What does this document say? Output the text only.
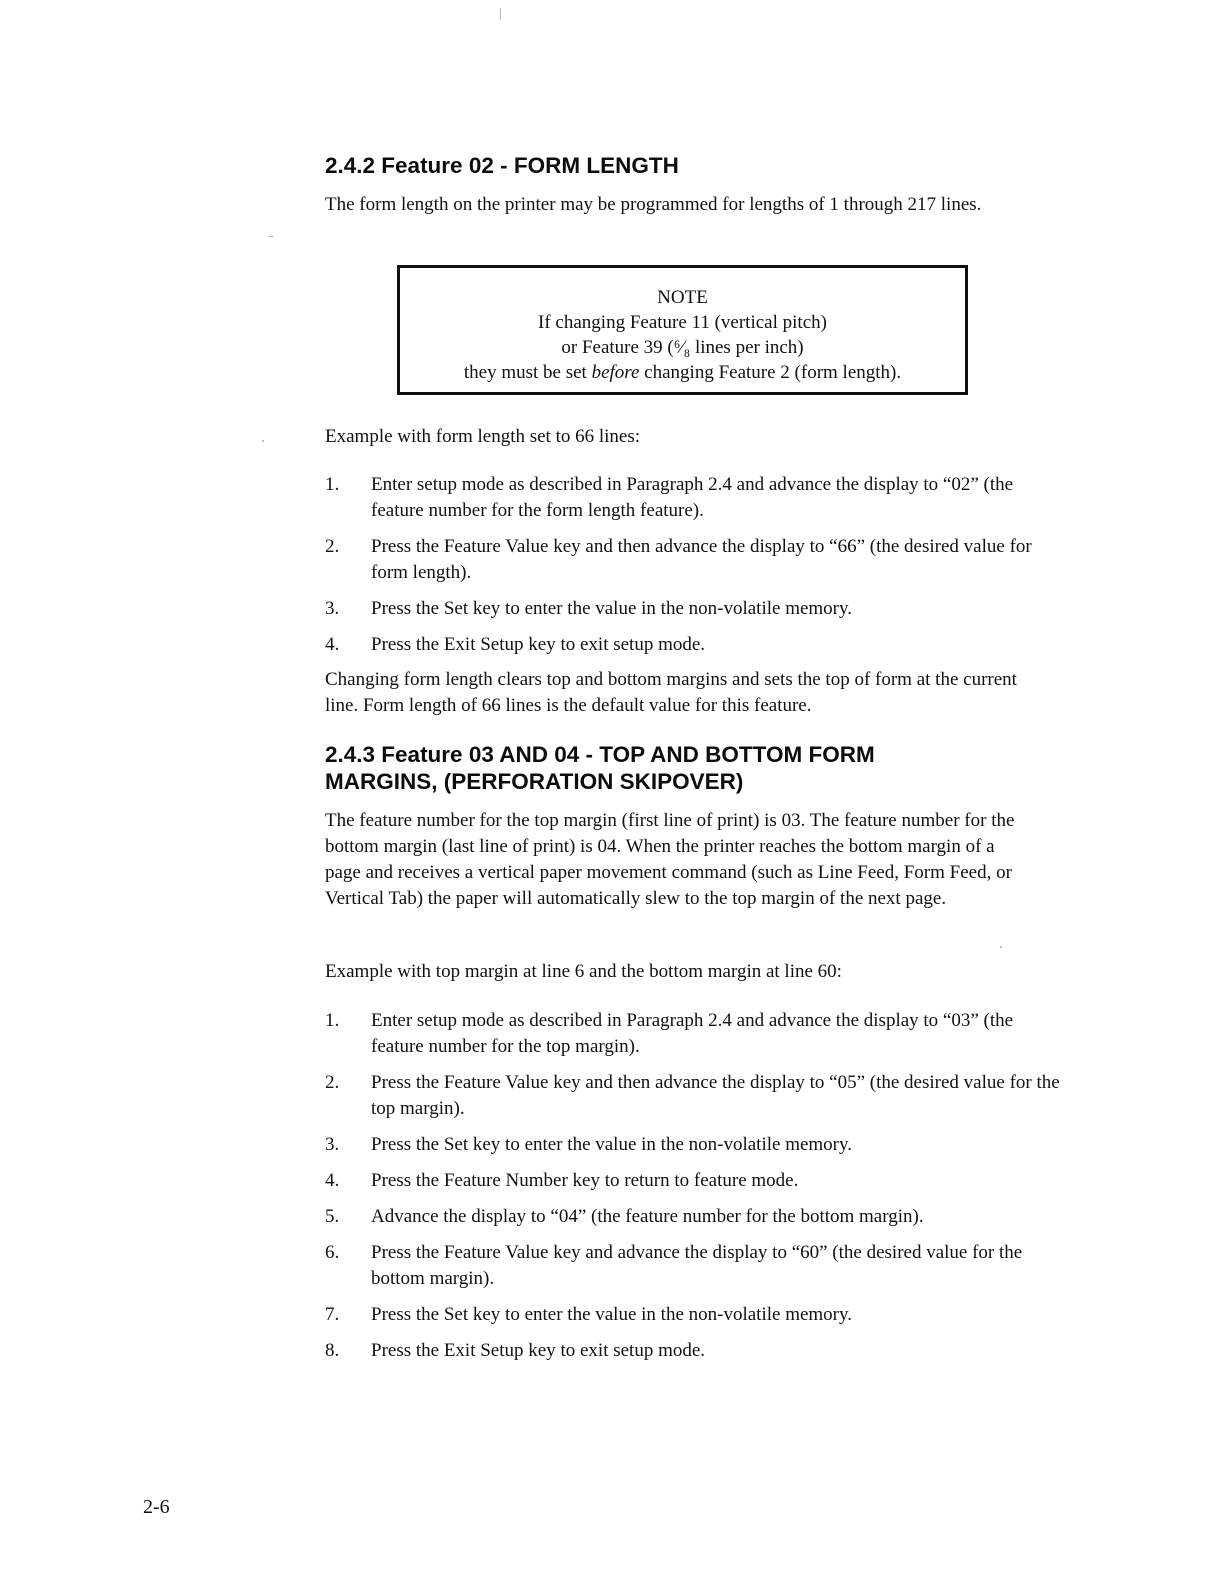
2.4.2 Feature 02 - FORM LENGTH

The form length on the printer may be programmed for lengths of 1 through 217 lines.

NOTE
If changing Feature 11 (vertical pitch)
or Feature 39 (⁶⁄₈ lines per inch)
they must be set before changing Feature 2 (form length).

Example with form length set to 66 lines:

1. Enter setup mode as described in Paragraph 2.4 and advance the display to “02” (the feature number for the form length feature).
2. Press the Feature Value key and then advance the display to “66” (the desired value for form length).
3. Press the Set key to enter the value in the non-volatile memory.
4. Press the Exit Setup key to exit setup mode.

Changing form length clears top and bottom margins and sets the top of form at the current line. Form length of 66 lines is the default value for this feature.

2.4.3 Feature 03 AND 04 - TOP AND BOTTOM FORM
MARGINS, (PERFORATION SKIPOVER)

The feature number for the top margin (first line of print) is 03. The feature number for the bottom margin (last line of print) is 04. When the printer reaches the bottom margin of a page and receives a vertical paper movement command (such as Line Feed, Form Feed, or Vertical Tab) the paper will automatically slew to the top margin of the next page.

Example with top margin at line 6 and the bottom margin at line 60:

1. Enter setup mode as described in Paragraph 2.4 and advance the display to “03” (the feature number for the top margin).
2. Press the Feature Value key and then advance the display to “05” (the desired value for the top margin).
3. Press the Set key to enter the value in the non-volatile memory.
4. Press the Feature Number key to return to feature mode.
5. Advance the display to “04” (the feature number for the bottom margin).
6. Press the Feature Value key and advance the display to “60” (the desired value for the bottom margin).
7. Press the Set key to enter the value in the non-volatile memory.
8. Press the Exit Setup key to exit setup mode.
2-6
